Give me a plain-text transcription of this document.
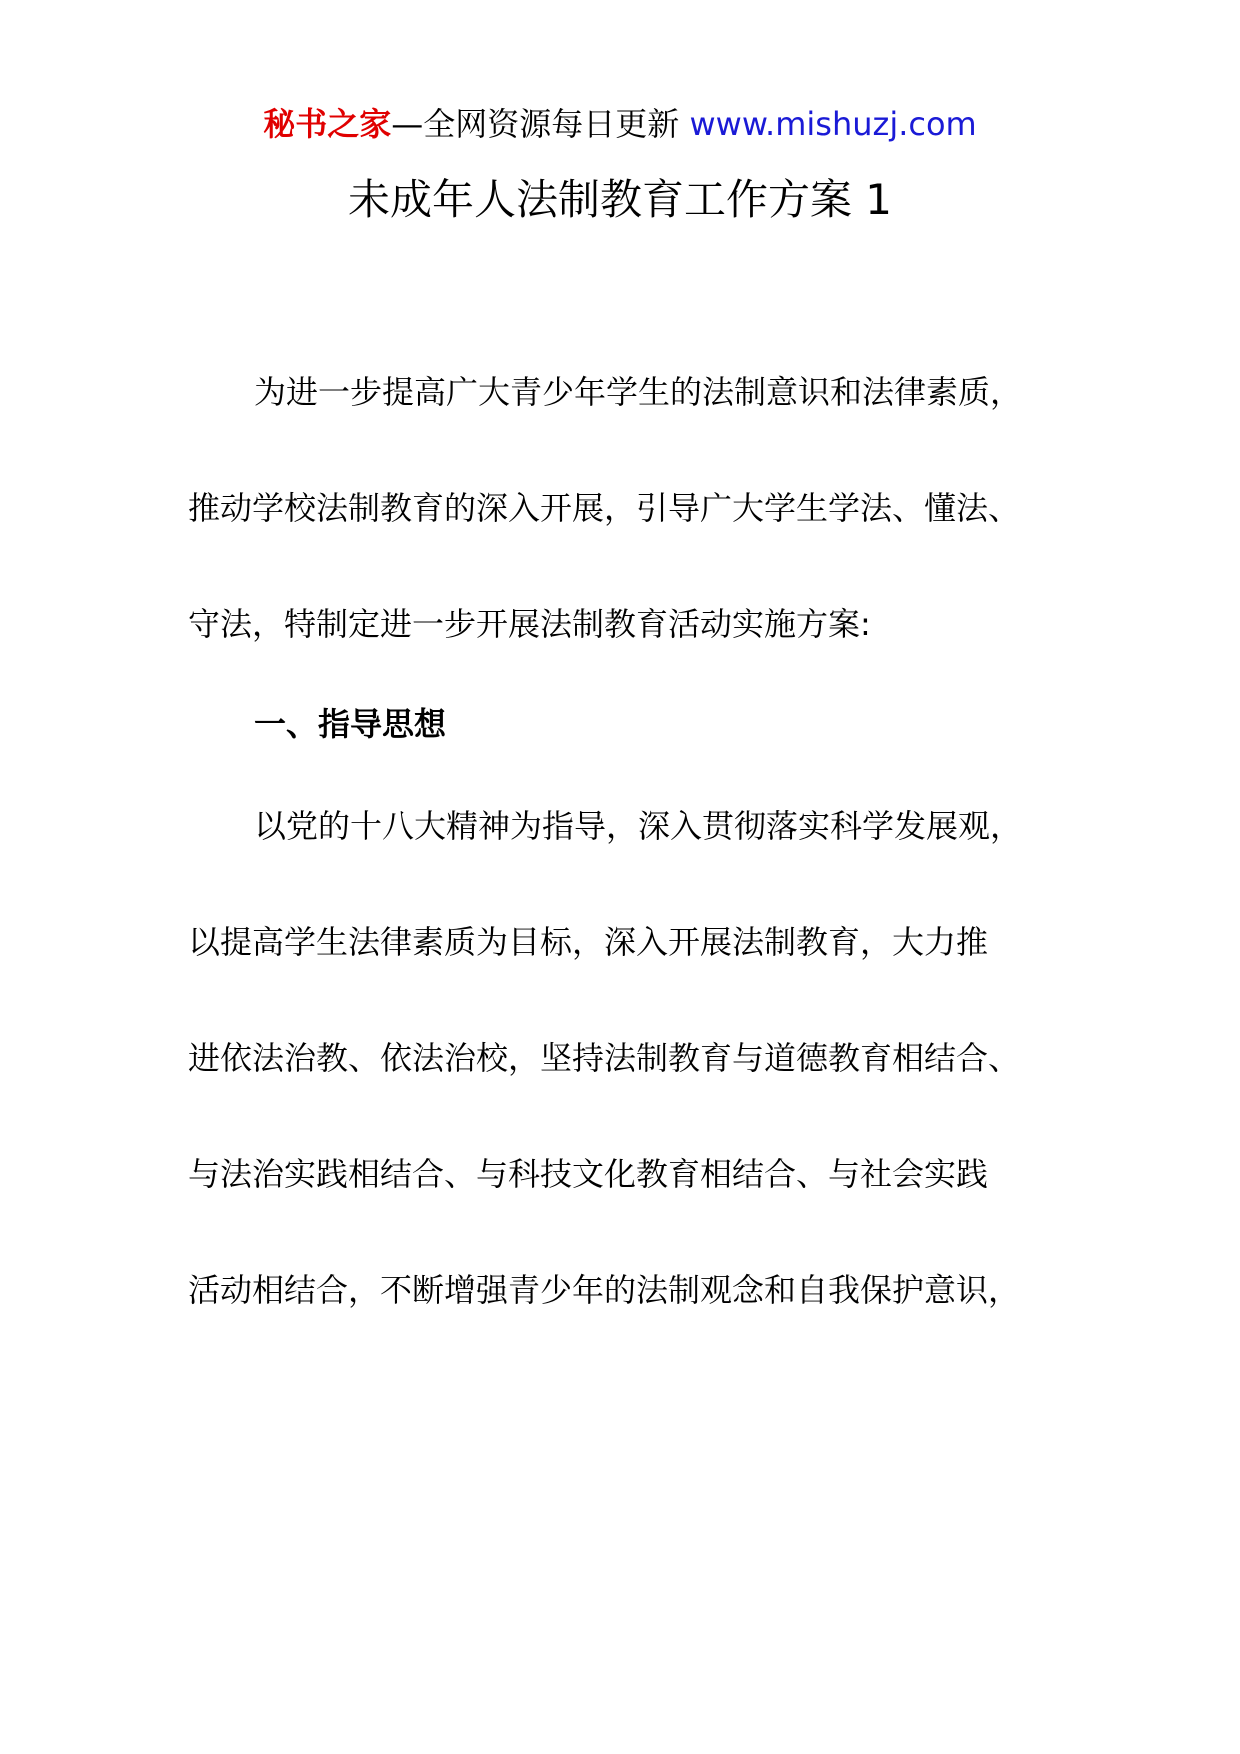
秘书之家—全网资源每日更新 www.mishuzj.com
未成年人法制教育工作方案 1
为进一步提高广大青少年学生的法制意识和法律素质，
推动学校法制教育的深入开展，引导广大学生学法、懂法、
守法，特制定进一步开展法制教育活动实施方案:
一、指导思想
以党的十八大精神为指导，深入贯彻落实科学发展观，
以提高学生法律素质为目标，深入开展法制教育，大力推
进依法治教、依法治校，坚持法制教育与道德教育相结合、
与法治实践相结合、与科技文化教育相结合、与社会实践
活动相结合，不断增强青少年的法制观念和自我保护意识，
